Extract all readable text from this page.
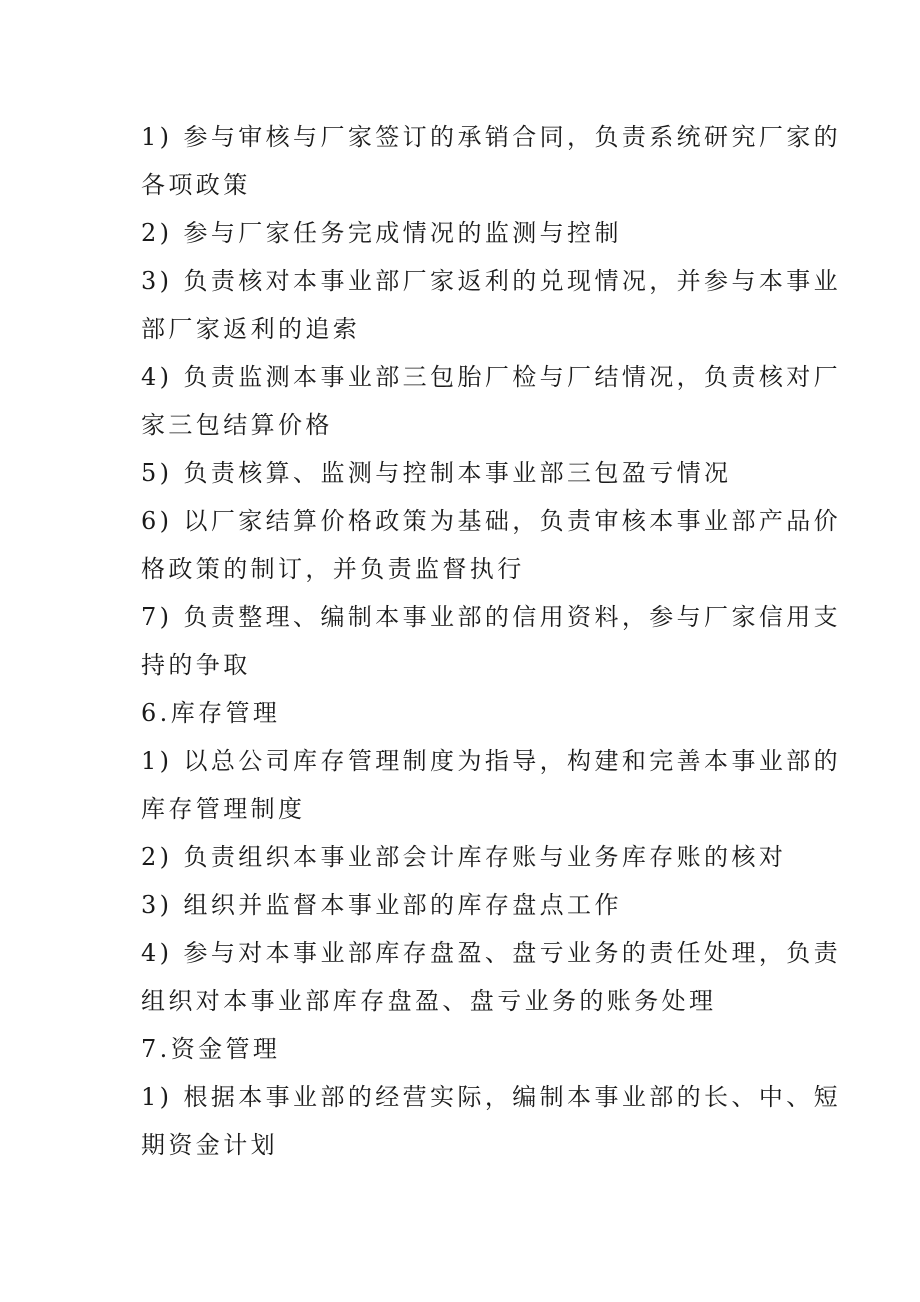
1) 参与审核与厂家签订的承销合同，负责系统研究厂家的
各项政策
2) 参与厂家任务完成情况的监测与控制
3) 负责核对本事业部厂家返利的兑现情况，并参与本事业
部厂家返利的追索
4) 负责监测本事业部三包胎厂检与厂结情况，负责核对厂
家三包结算价格
5) 负责核算、监测与控制本事业部三包盈亏情况
6) 以厂家结算价格政策为基础，负责审核本事业部产品价
格政策的制订，并负责监督执行
7) 负责整理、编制本事业部的信用资料，参与厂家信用支
持的争取
6.库存管理
1) 以总公司库存管理制度为指导，构建和完善本事业部的
库存管理制度
2) 负责组织本事业部会计库存账与业务库存账的核对
3) 组织并监督本事业部的库存盘点工作
4) 参与对本事业部库存盘盈、盘亏业务的责任处理，负责
组织对本事业部库存盘盈、盘亏业务的账务处理
7.资金管理
1) 根据本事业部的经营实际，编制本事业部的长、中、短
期资金计划
